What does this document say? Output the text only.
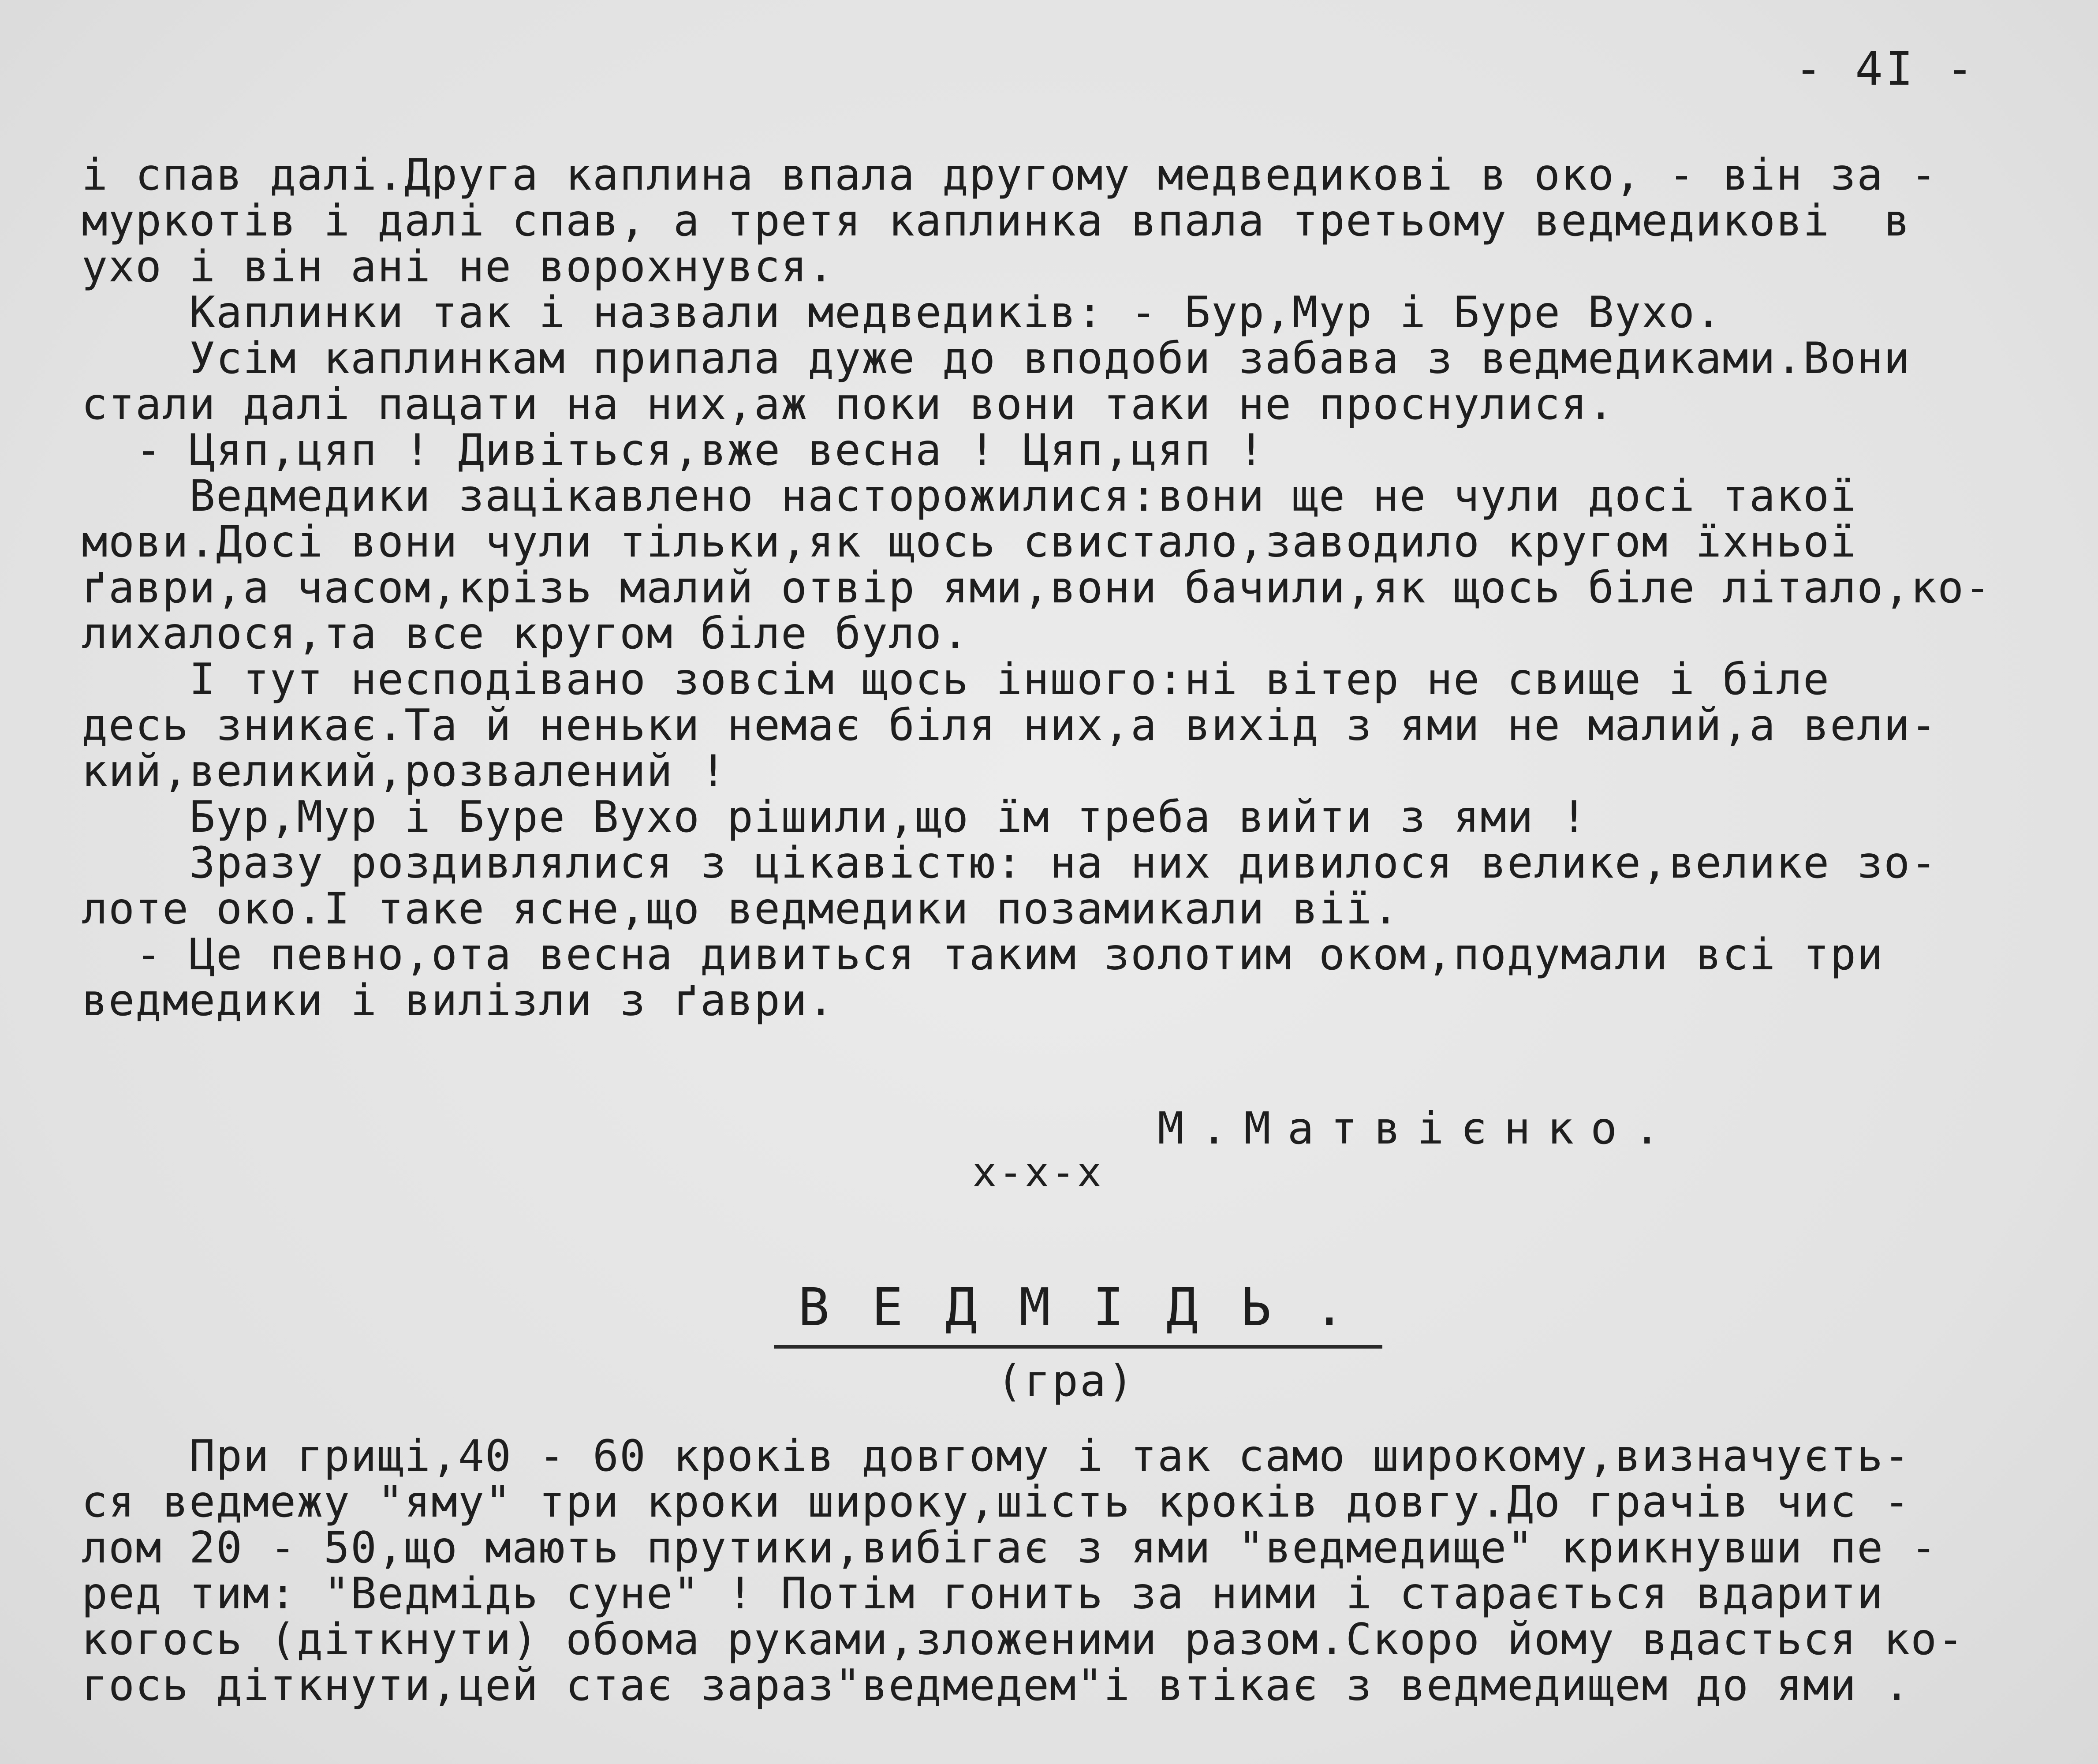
- 4I -
і спав далі.Друга каплина впала другому медведикові в око, - він за -
муркотів і далі спав, а третя каплинка впала третьому ведмедикові  в
ухо і він ані не ворохнувся.
Каплинки так і назвали медведиків: - Бур,Мур і Буре Вухо.
Усім каплинкам припала дуже до вподоби забава з ведмедиками.Вони
стали далі пацати на них,аж поки вони таки не проснулися.
- Цяп,цяп ! Дивіться,вже весна ! Цяп,цяп !
Ведмедики зацікавлено насторожилися:вони ще не чули досі такої
мови.Досі вони чули тільки,як щось свистало,заводило кругом їхньої
ґаври,а часом,крізь малий отвір ями,вони бачили,як щось біле літало,ко-
лихалося,та все кругом біле було.
І тут несподівано зовсім щось іншого:ні вітер не свище і біле
десь зникає.Та й неньки немає біля них,а вихід з ями не малий,а вели-
кий,великий,розвалений !
Бур,Мур і Буре Вухо рішили,що їм треба вийти з ями !
Зразу роздивлялися з цікавістю: на них дивилося велике,велике зо-
лоте око.І таке ясне,що ведмедики позамикали вії.
- Це певно,ота весна дивиться таким золотим оком,подумали всі три
ведмедики і вилізли з ґаври.
М.Матвієнко.
х-х-х
ВЕДМІДЬ.
(гра)
При грищі,40 - 60 кроків довгому і так само широкому,визначуєть-
ся ведмежу "яму" три кроки широку,шість кроків довгу.До грачів чис -
лом 20 - 50,що мають прутики,вибігає з ями "ведмедище" крикнувши пе -
ред тим: "Ведмідь суне" ! Потім гонить за ними і старається вдарити
когось (діткнути) обома руками,зложеними разом.Скоро йому вдасться ко-
гось діткнути,цей стає зараз"ведмедем"і втікає з ведмедищем до ями .
